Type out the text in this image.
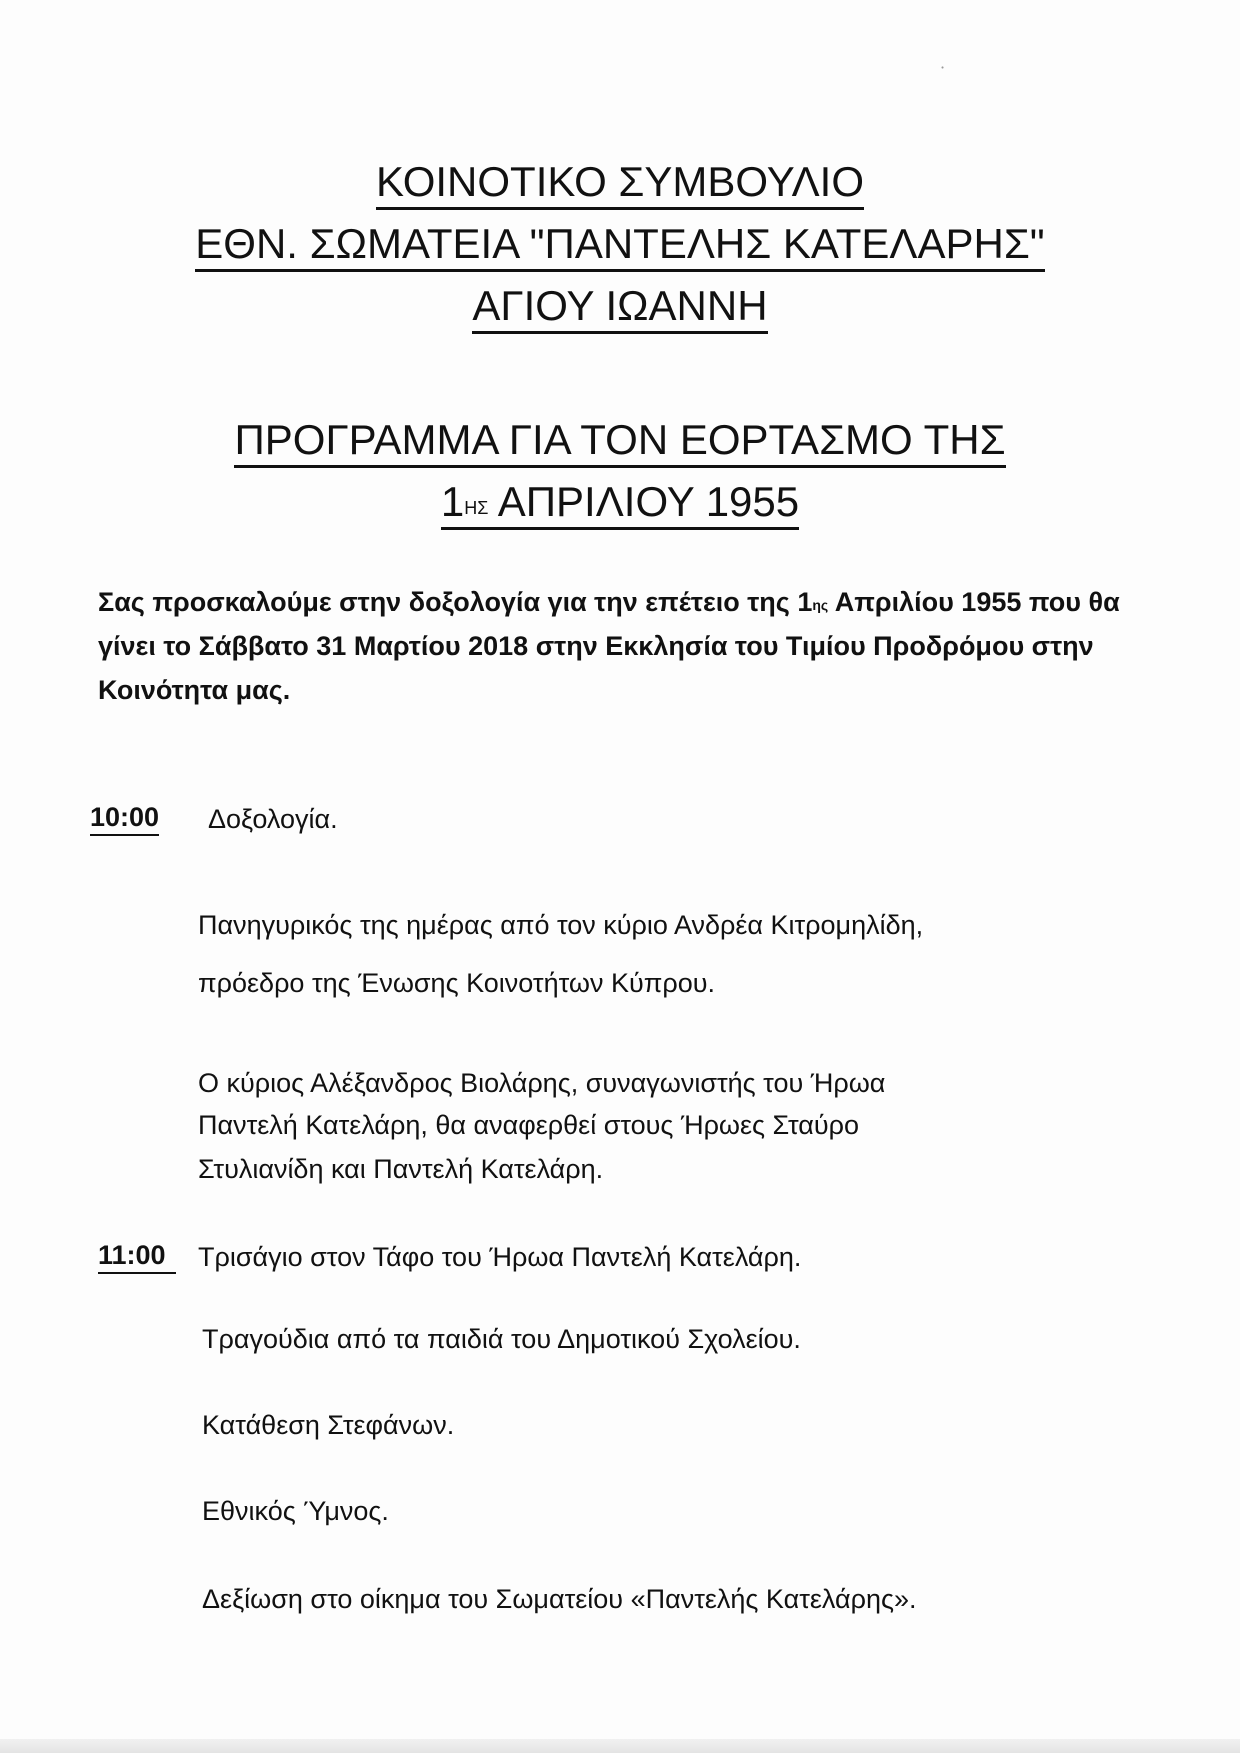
·
ΚΟΙΝΟΤΙΚΟ ΣΥΜΒΟΥΛΙΟ
ΕΘΝ. ΣΩΜΑΤΕΙΑ "ΠΑΝΤΕΛΗΣ ΚΑΤΕΛΑΡΗΣ"
ΑΓΙΟΥ ΙΩΑΝΝΗ
ΠΡΟΓΡΑΜΜΑ ΓΙΑ ΤΟΝ ΕΟΡΤΑΣΜΟ ΤΗΣ
$1^{H\Sigma}$ ΑΠΡΙΛΙΟΥ 1955
Σας προσκαλούμε στην δοξολογία για την επέτειο της $1^{\eta\varsigma}$ Απριλίου 1955 που θα γίνει το Σάββατο 31 Μαρτίου 2018 στην Εκκλησία του Τιμίου Προδρόμου στην Κοινότητα μας.
10:00 Δοξολογία.
Πανηγυρικός της ημέρας από τον κύριο Ανδρέα Κιτρομηλίδη,
πρόεδρο της Ένωσης Κοινοτήτων Κύπρου.
Ο κύριος Αλέξανδρος Βιολάρης, συναγωνιστής του Ήρωα
Παντελή Κατελάρη, θα αναφερθεί στους Ήρωες Σταύρο
Στυλιανίδη και Παντελή Κατελάρη.
11:00	Τρισάγιο στον Τάφο του Ήρωα Παντελή Κατελάρη.
Τραγούδια από τα παιδιά του Δημοτικού Σχολείου.
Κατάθεση Στεφάνων.
Εθνικός Ύμνος.
Δεξίωση στο οίκημα του Σωματείου «Παντελής Κατελάρης».
